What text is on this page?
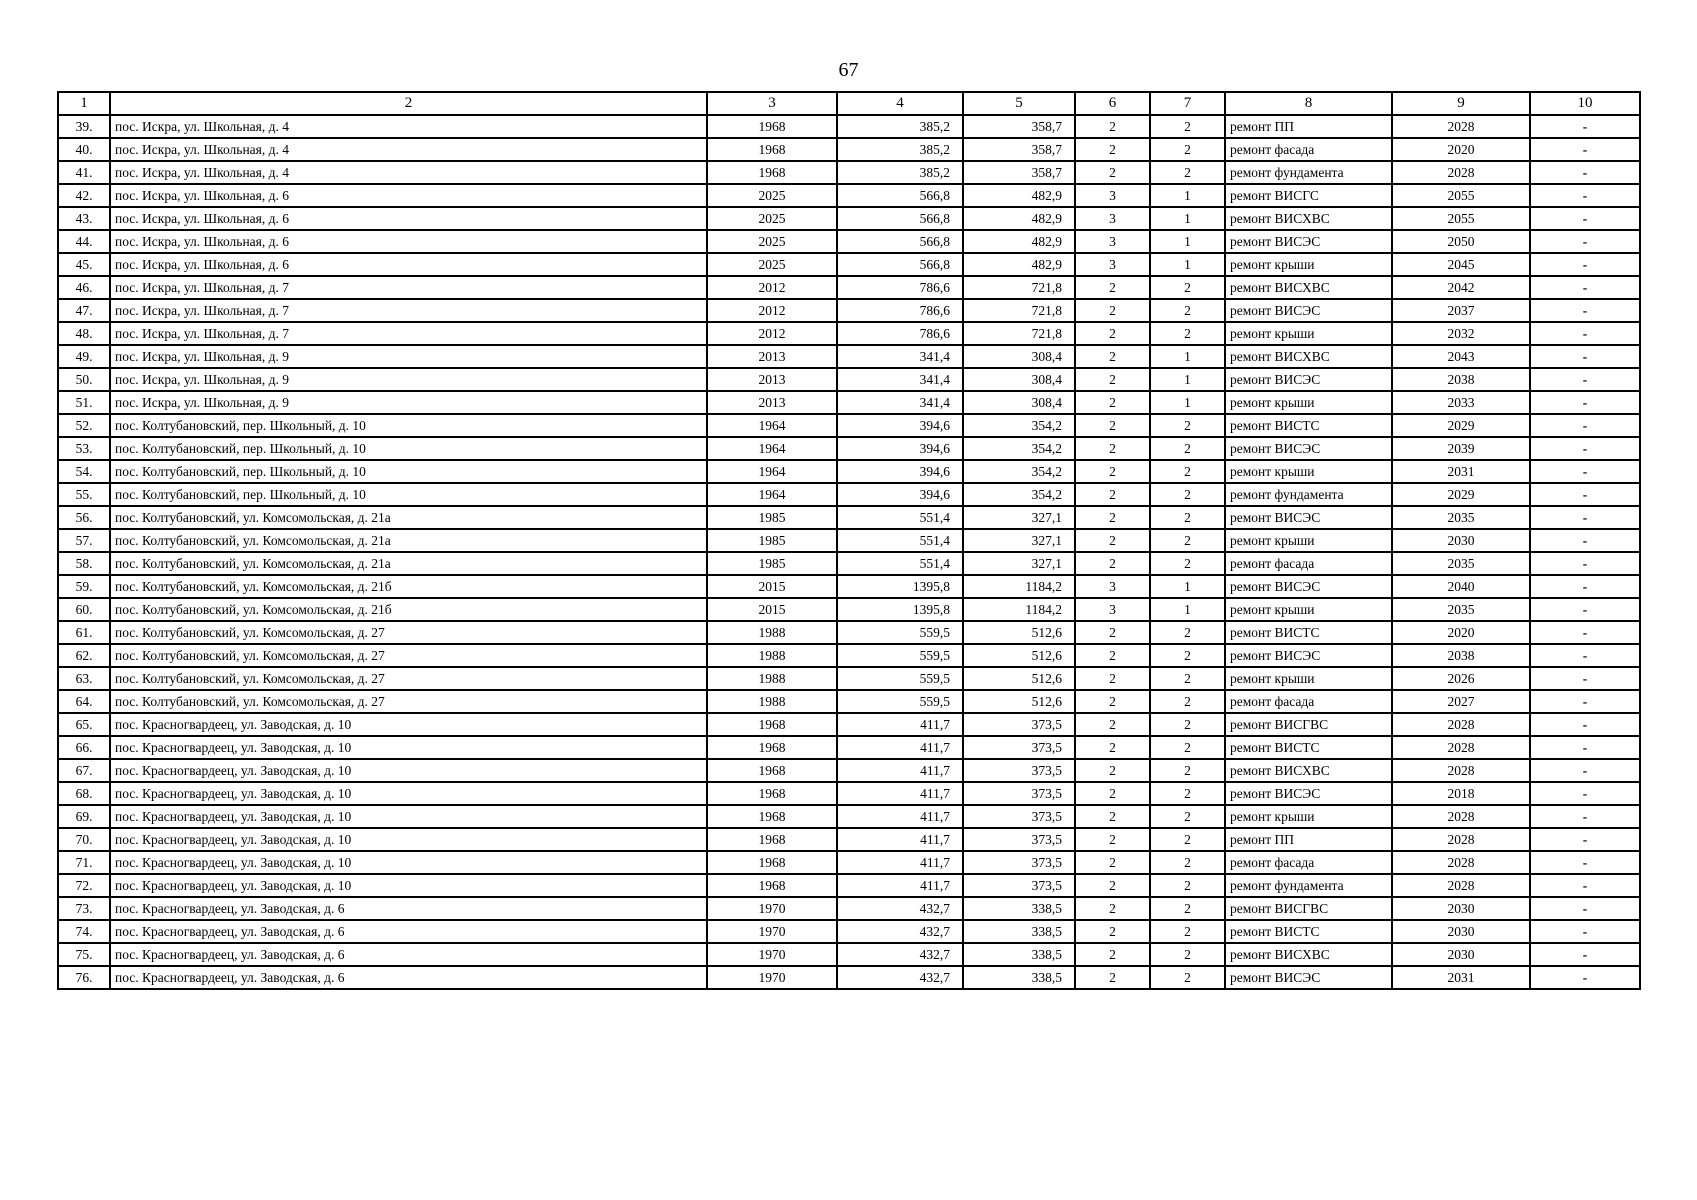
67
1	2	3	4	5	6	7	8	9	10
39.	пос. Искра, ул. Школьная, д. 4	1968	385,2	358,7	2	2	ремонт ПП	2028	-
40.	пос. Искра, ул. Школьная, д. 4	1968	385,2	358,7	2	2	ремонт фасада	2020	-
41.	пос. Искра, ул. Школьная, д. 4	1968	385,2	358,7	2	2	ремонт фундамента	2028	-
42.	пос. Искра, ул. Школьная, д. 6	2025	566,8	482,9	3	1	ремонт ВИСГС	2055	-
43.	пос. Искра, ул. Школьная, д. 6	2025	566,8	482,9	3	1	ремонт ВИСХВС	2055	-
44.	пос. Искра, ул. Школьная, д. 6	2025	566,8	482,9	3	1	ремонт ВИСЭС	2050	-
45.	пос. Искра, ул. Школьная, д. 6	2025	566,8	482,9	3	1	ремонт крыши	2045	-
46.	пос. Искра, ул. Школьная, д. 7	2012	786,6	721,8	2	2	ремонт ВИСХВС	2042	-
47.	пос. Искра, ул. Школьная, д. 7	2012	786,6	721,8	2	2	ремонт ВИСЭС	2037	-
48.	пос. Искра, ул. Школьная, д. 7	2012	786,6	721,8	2	2	ремонт крыши	2032	-
49.	пос. Искра, ул. Школьная, д. 9	2013	341,4	308,4	2	1	ремонт ВИСХВС	2043	-
50.	пос. Искра, ул. Школьная, д. 9	2013	341,4	308,4	2	1	ремонт ВИСЭС	2038	-
51.	пос. Искра, ул. Школьная, д. 9	2013	341,4	308,4	2	1	ремонт крыши	2033	-
52.	пос. Колтубановский, пер. Школьный, д. 10	1964	394,6	354,2	2	2	ремонт ВИСТС	2029	-
53.	пос. Колтубановский, пер. Школьный, д. 10	1964	394,6	354,2	2	2	ремонт ВИСЭС	2039	-
54.	пос. Колтубановский, пер. Школьный, д. 10	1964	394,6	354,2	2	2	ремонт крыши	2031	-
55.	пос. Колтубановский, пер. Школьный, д. 10	1964	394,6	354,2	2	2	ремонт фундамента	2029	-
56.	пос. Колтубановский, ул. Комсомольская, д. 21а	1985	551,4	327,1	2	2	ремонт ВИСЭС	2035	-
57.	пос. Колтубановский, ул. Комсомольская, д. 21а	1985	551,4	327,1	2	2	ремонт крыши	2030	-
58.	пос. Колтубановский, ул. Комсомольская, д. 21а	1985	551,4	327,1	2	2	ремонт фасада	2035	-
59.	пос. Колтубановский, ул. Комсомольская, д. 21б	2015	1395,8	1184,2	3	1	ремонт ВИСЭС	2040	-
60.	пос. Колтубановский, ул. Комсомольская, д. 21б	2015	1395,8	1184,2	3	1	ремонт крыши	2035	-
61.	пос. Колтубановский, ул. Комсомольская, д. 27	1988	559,5	512,6	2	2	ремонт ВИСТС	2020	-
62.	пос. Колтубановский, ул. Комсомольская, д. 27	1988	559,5	512,6	2	2	ремонт ВИСЭС	2038	-
63.	пос. Колтубановский, ул. Комсомольская, д. 27	1988	559,5	512,6	2	2	ремонт крыши	2026	-
64.	пос. Колтубановский, ул. Комсомольская, д. 27	1988	559,5	512,6	2	2	ремонт фасада	2027	-
65.	пос. Красногвардеец, ул. Заводская, д. 10	1968	411,7	373,5	2	2	ремонт ВИСГВС	2028	-
66.	пос. Красногвардеец, ул. Заводская, д. 10	1968	411,7	373,5	2	2	ремонт ВИСТС	2028	-
67.	пос. Красногвардеец, ул. Заводская, д. 10	1968	411,7	373,5	2	2	ремонт ВИСХВС	2028	-
68.	пос. Красногвардеец, ул. Заводская, д. 10	1968	411,7	373,5	2	2	ремонт ВИСЭС	2018	-
69.	пос. Красногвардеец, ул. Заводская, д. 10	1968	411,7	373,5	2	2	ремонт крыши	2028	-
70.	пос. Красногвардеец, ул. Заводская, д. 10	1968	411,7	373,5	2	2	ремонт ПП	2028	-
71.	пос. Красногвардеец, ул. Заводская, д. 10	1968	411,7	373,5	2	2	ремонт фасада	2028	-
72.	пос. Красногвардеец, ул. Заводская, д. 10	1968	411,7	373,5	2	2	ремонт фундамента	2028	-
73.	пос. Красногвардеец, ул. Заводская, д. 6	1970	432,7	338,5	2	2	ремонт ВИСГВС	2030	-
74.	пос. Красногвардеец, ул. Заводская, д. 6	1970	432,7	338,5	2	2	ремонт ВИСТС	2030	-
75.	пос. Красногвардеец, ул. Заводская, д. 6	1970	432,7	338,5	2	2	ремонт ВИСХВС	2030	-
76.	пос. Красногвардеец, ул. Заводская, д. 6	1970	432,7	338,5	2	2	ремонт ВИСЭС	2031	-
